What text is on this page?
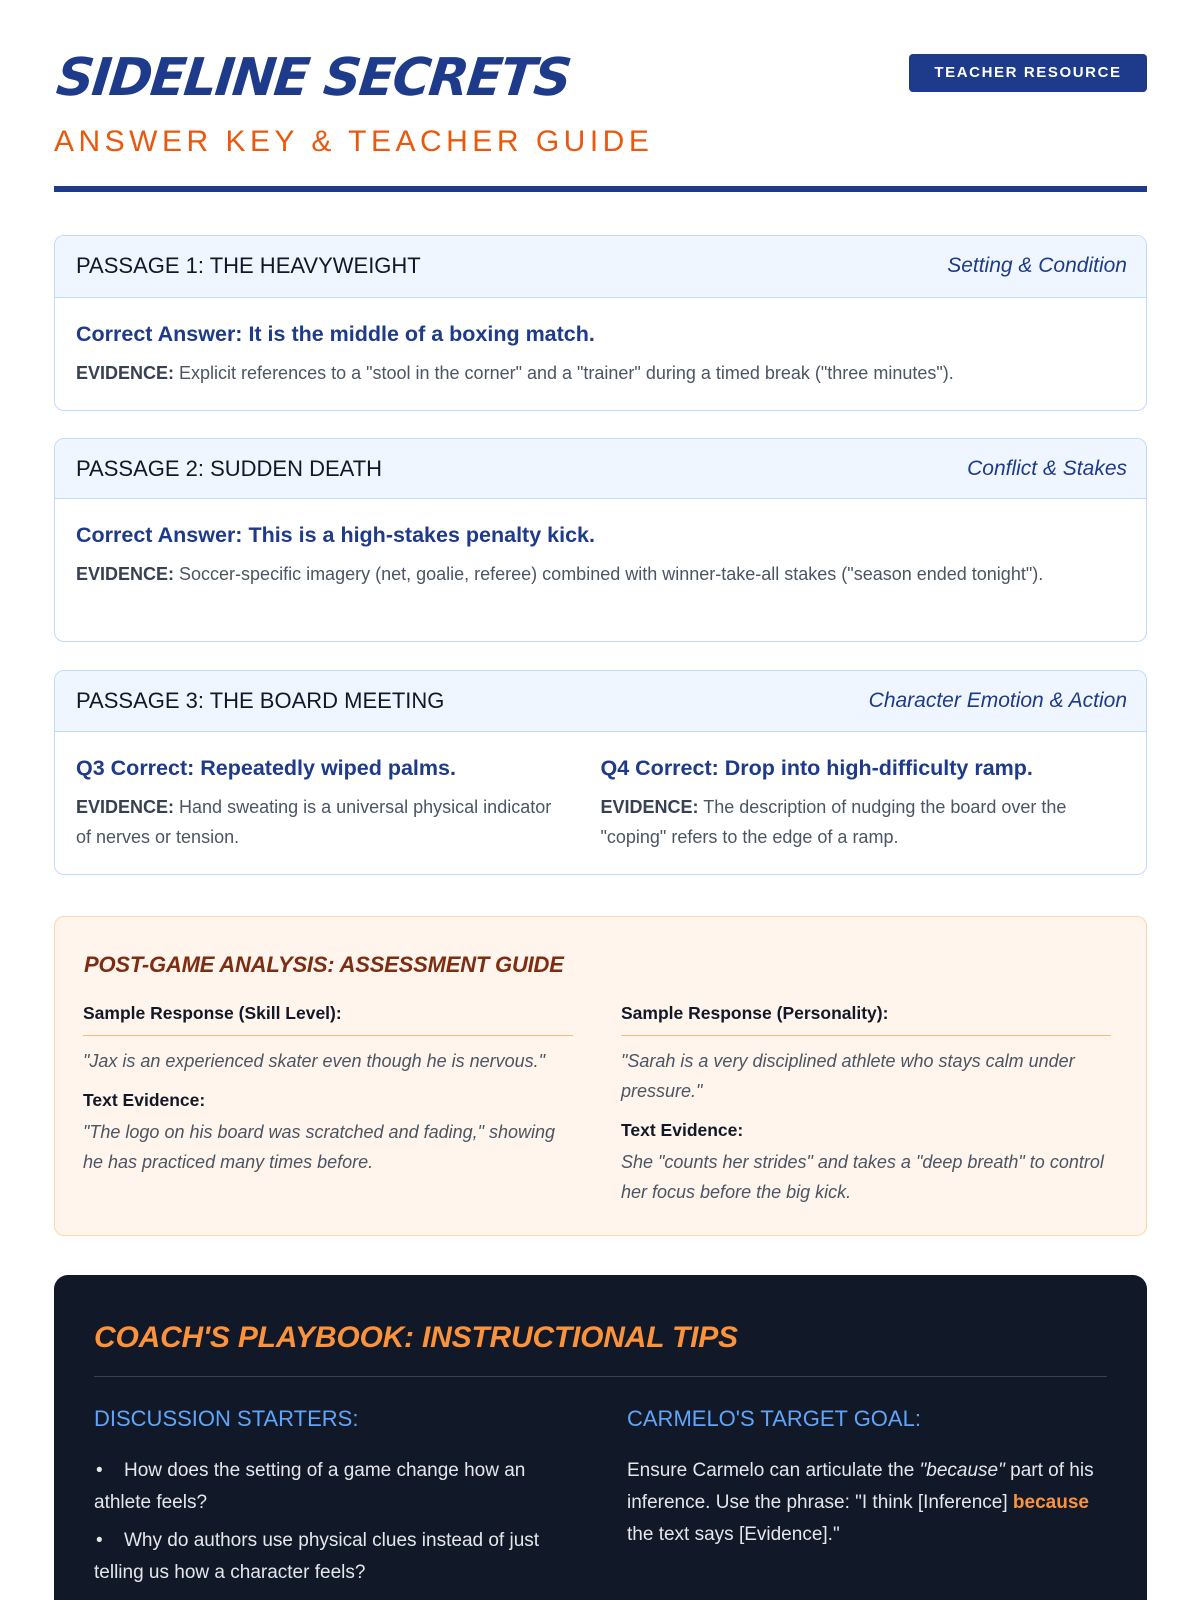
SIDELINE SECRETS
ANSWER KEY & TEACHER GUIDE
TEACHER RESOURCE
PASSAGE 1: THE HEAVYWEIGHT	Setting & Condition
Correct Answer: It is the middle of a boxing match.
EVIDENCE: Explicit references to a "stool in the corner" and a "trainer" during a timed break ("three minutes").
PASSAGE 2: SUDDEN DEATH	Conflict & Stakes
Correct Answer: This is a high-stakes penalty kick.
EVIDENCE: Soccer-specific imagery (net, goalie, referee) combined with winner-take-all stakes ("season ended tonight").
PASSAGE 3: THE BOARD MEETING	Character Emotion & Action
Q3 Correct: Repeatedly wiped palms.
EVIDENCE: Hand sweating is a universal physical indicator of nerves or tension.
Q4 Correct: Drop into high-difficulty ramp.
EVIDENCE: The description of nudging the board over the "coping" refers to the edge of a ramp.
POST-GAME ANALYSIS: ASSESSMENT GUIDE
Sample Response (Skill Level):
"Jax is an experienced skater even though he is nervous."
Text Evidence:
"The logo on his board was scratched and fading," showing he has practiced many times before.
Sample Response (Personality):
"Sarah is a very disciplined athlete who stays calm under pressure."
Text Evidence:
She "counts her strides" and takes a "deep breath" to control her focus before the big kick.
COACH'S PLAYBOOK: INSTRUCTIONAL TIPS
DISCUSSION STARTERS:
• How does the setting of a game change how an athlete feels?
• Why do authors use physical clues instead of just telling us how a character feels?
CARMELO'S TARGET GOAL:
Ensure Carmelo can articulate the "because" part of his inference. Use the phrase: "I think [Inference] because the text says [Evidence]."
